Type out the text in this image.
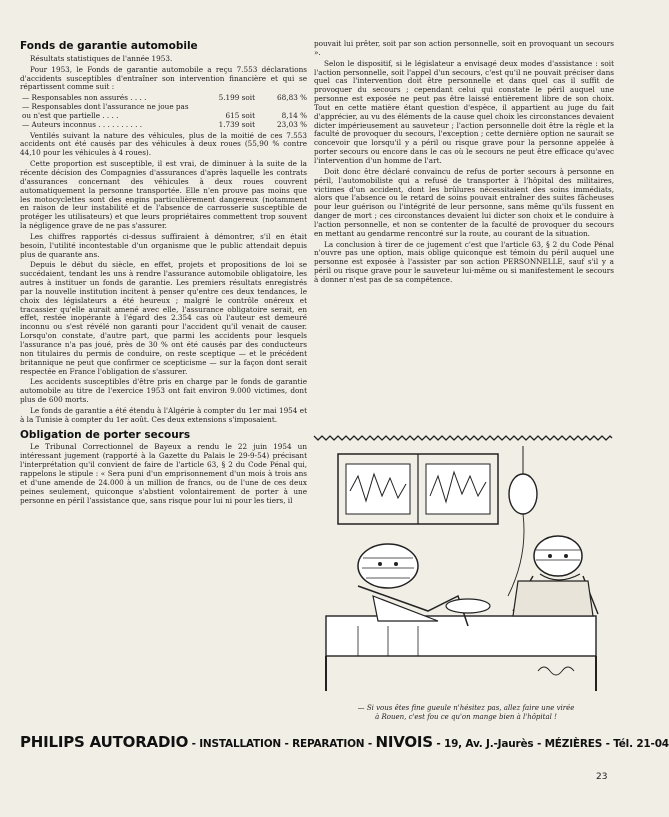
Fonds de garantie automobile
Résultats statistiques de l'année 1953.

Pour 1953, le Fonds de garantie automobile a reçu 7.553 déclarations d'accidents susceptibles d'entraîner son intervention financière et qui se répartissent comme suit :

— Responsables non assurés . . . .	5.199 soit	68,83 %
— Responsables dont l'assurance ne joue pas ou n'est que partielle . . . .	615 soit	8,14 %
— Auteurs inconnus . . . . . . . . . .	1.739 soit	23,03 %

Ventilés suivant la nature des véhicules, plus de la moitié de ces 7.553 accidents ont été causés par des véhicules à deux roues (55,90 % contre 44,10 pour les véhicules à 4 roues).

Cette proportion est susceptible, il est vrai, de diminuer à la suite de la récente décision des Compagnies d'assurances d'après laquelle les contrats d'assurances concernant des véhicules à deux roues couvrent automatiquement la personne transportée. Elle n'en prouve pas moins que les motocyclettes sont des engins particulièrement dangereux (notamment en raison de leur instabilité et de l'absence de carrosserie susceptible de protéger les utilisateurs) et que leurs propriétaires commettent trop souvent la négligence grave de ne pas s'assurer.

Les chiffres rapportés ci-dessus suffiraient à démontrer, s'il en était besoin, l'utilité incontestable d'un organisme que le public attendait depuis plus de quarante ans.

Depuis le début du siècle, en effet, projets et propositions de loi se succédaient, tendant les uns à rendre l'assurance automobile obligatoire, les autres à instituer un fonds de garantie. Les premiers résultats enregistrés par la nouvelle institution incitent à penser qu'entre ces deux tendances, le choix des législateurs a été heureux ; malgré le contrôle onéreux et tracassier qu'elle aurait amené avec elle, l'assurance obligatoire serait, en effet, restée inopérante à l'égard des 2.354 cas où l'auteur est demeuré inconnu ou s'est révélé non garanti pour l'accident qu'il venait de causer. Lorsqu'on constate, d'autre part, que parmi les accidents pour lesquels l'assurance n'a pas joué, près de 30 % ont été causés par des conducteurs non titulaires du permis de conduire, on reste sceptique — et le précédent britannique ne peut que confirmer ce scepticisme — sur la façon dont serait respectée en France l'obligation de s'assurer.

Les accidents susceptibles d'être pris en charge par le fonds de garantie automobile au titre de l'exercice 1953 ont fait environ 9.000 victimes, dont plus de 600 morts.

Le fonds de garantie a été étendu à l'Algérie à compter du 1er mai 1954 et à la Tunisie à compter du 1er août. Ces deux extensions s'imposaient.

Obligation de porter secours

Le Tribunal Correctionnel de Bayeux a rendu le 22 juin 1954 un intéressant jugement (rapporté à la Gazette du Palais le 29-9-54) précisant l'interprétation qu'il convient de faire de l'article 63, § 2 du Code Pénal qui, rappelons le stipule : « Sera puni d'un emprisonnement d'un mois à trois ans et d'une amende de 24.000 à un million de francs, ou de l'une de ces deux peines seulement, quiconque s'abstient volontairement de porter à une personne en péril l'assistance que, sans risque pour lui ni pour les tiers, il

pouvait lui prêter, soit par son action personnelle, soit en provoquant un secours ».

Selon le dispositif, si le législateur a envisagé deux modes d'assistance : soit l'action personnelle, soit l'appel d'un secours, c'est qu'il ne pouvait préciser dans quel cas l'intervention doit être personnelle et dans quel cas il suffit de provoquer du secours ; cependant celui qui constate le péril auquel une personne est exposée ne peut pas être laissé entièrement libre de son choix. Tout en cette matière étant question d'espèce, il appartient au juge du fait d'apprécier, au vu des éléments de la cause quel choix les circonstances devaient dicter impérieusement au sauveteur ; l'action personnelle doit être la règle et la faculté de provoquer du secours, l'exception ; cette dernière option ne saurait se concevoir que lorsqu'il y a péril ou risque grave pour la personne appelée à porter secours ou encore dans le cas où le secours ne peut être efficace qu'avec l'intervention d'un homme de l'art.

Doit donc être déclaré convaincu de refus de porter secours à personne en péril, l'automobiliste qui a refusé de transporter à l'hôpital des militaires, victimes d'un accident, dont les brûlures nécessitaient des soins immédiats, alors que l'absence ou le retard de soins pouvait entraîner des suites fâcheuses pour leur guérison ou l'intégrité de leur personne, sans même qu'ils fussent en danger de mort ; ces circonstances devaient lui dicter son choix et le conduire à l'action personnelle, et non se contenter de la faculté de provoquer du secours en mettant au gendarme rencontré sur la route, au courant de la situation.

La conclusion à tirer de ce jugement c'est que l'article 63, § 2 du Code Pénal n'ouvre pas une option, mais oblige quiconque est témoin du péril auquel une personne est exposée à l'assister par son action PERSONNELLE, sauf s'il y a péril ou risque grave pour le sauveteur lui-même ou si manifestement le secours à donner n'est pas de sa compétence.

— Si vous êtes fine gueule n'hésitez pas, allez faire une virée
à Rouen, c'est fou ce qu'on mange bien à l'hôpital !
PHILIPS AUTORADIO - INSTALLATION - REPARATION - NIVOIS - 19, Av. J.-Jaurès - MÉZIÈRES - Tél. 21-04
23
